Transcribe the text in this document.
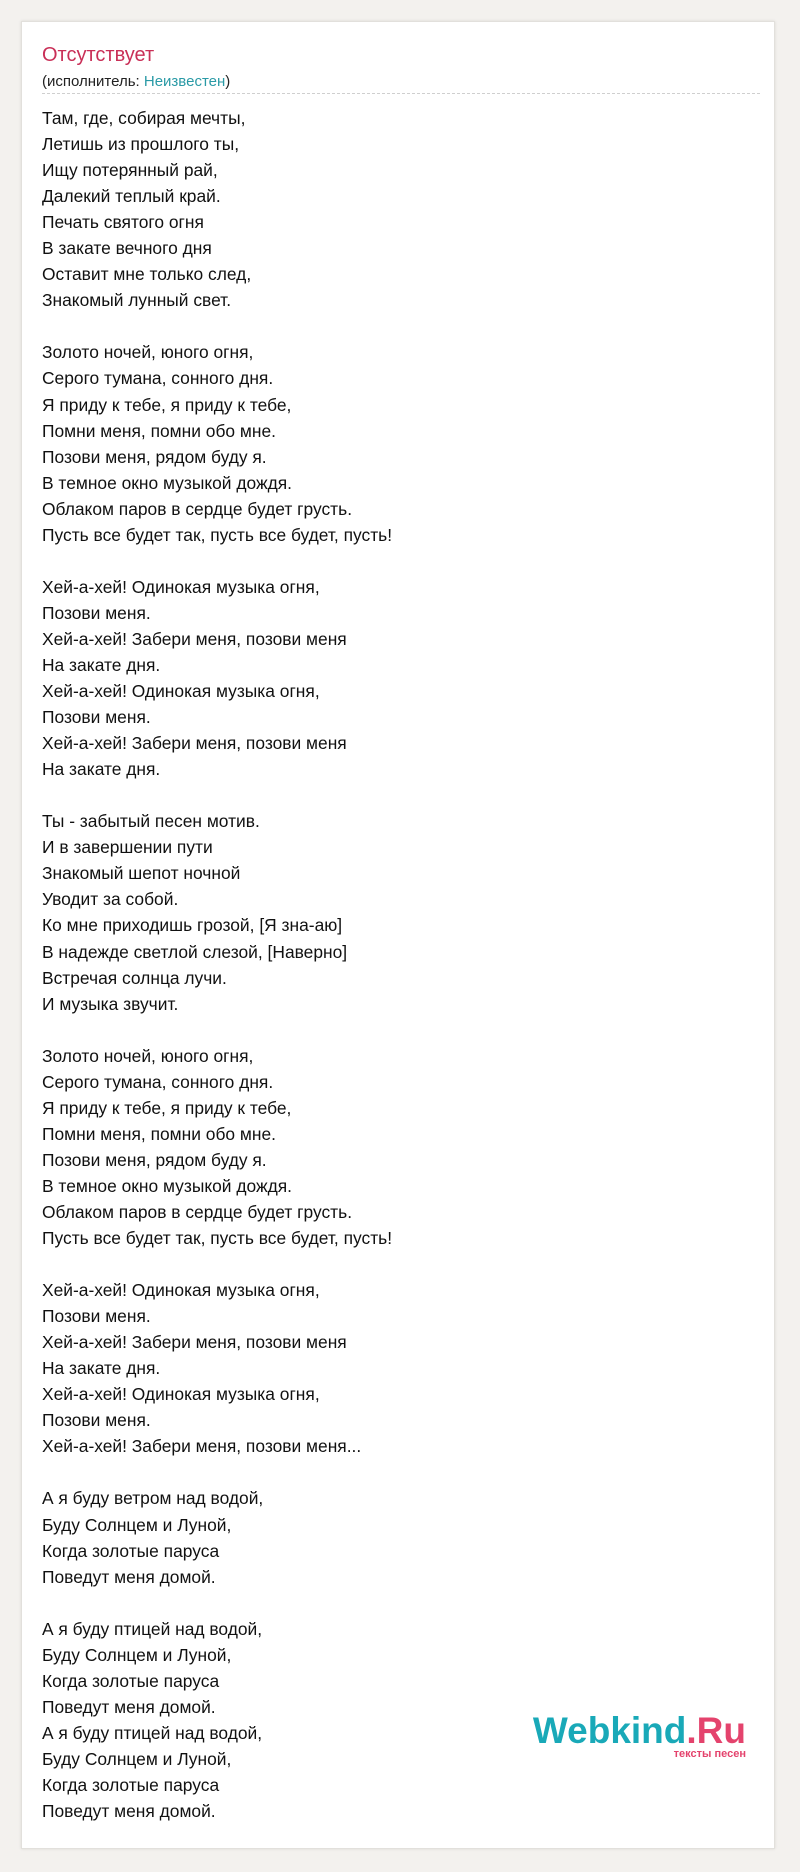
Отсутствует
(исполнитель: Неизвестен)
Там, где, собирая мечты,
Летишь из прошлого ты,
Ищу потерянный рай,
Далекий теплый край.
Печать святого огня
В закате вечного дня
Оставит мне только след,
Знакомый лунный свет.
Золото ночей, юного огня,
Серого тумана, сонного дня.
Я приду к тебе, я приду к тебе,
Помни меня, помни обо мне.
Позови меня, рядом буду я.
В темное окно музыкой дождя.
Облаком паров в сердце будет грусть.
Пусть все будет так, пусть все будет, пусть!
Хей-а-хей! Одинокая музыка огня,
Позови меня.
Хей-а-хей! Забери меня, позови меня
На закате дня.
Хей-а-хей! Одинокая музыка огня,
Позови меня.
Хей-а-хей! Забери меня, позови меня
На закате дня.
Ты - забытый песен мотив.
И в завершении пути
Знакомый шепот ночной
Уводит за собой.
Ко мне приходишь грозой, [Я зна-аю]
В надежде светлой слезой, [Наверно]
Встречая солнца лучи.
И музыка звучит.
Золото ночей, юного огня,
Серого тумана, сонного дня.
Я приду к тебе, я приду к тебе,
Помни меня, помни обо мне.
Позови меня, рядом буду я.
В темное окно музыкой дождя.
Облаком паров в сердце будет грусть.
Пусть все будет так, пусть все будет, пусть!
Хей-а-хей! Одинокая музыка огня,
Позови меня.
Хей-а-хей! Забери меня, позови меня
На закате дня.
Хей-а-хей! Одинокая музыка огня,
Позови меня.
Хей-а-хей! Забери меня, позови меня...
А я буду ветром над водой,
Буду Солнцем и Луной,
Когда золотые паруса
Поведут меня домой.
А я буду птицей над водой,
Буду Солнцем и Луной,
Когда золотые паруса
Поведут меня домой.
А я буду птицей над водой,
Буду Солнцем и Луной,
Когда золотые паруса
Поведут меня домой.
Webkind.Ru
тексты песен
